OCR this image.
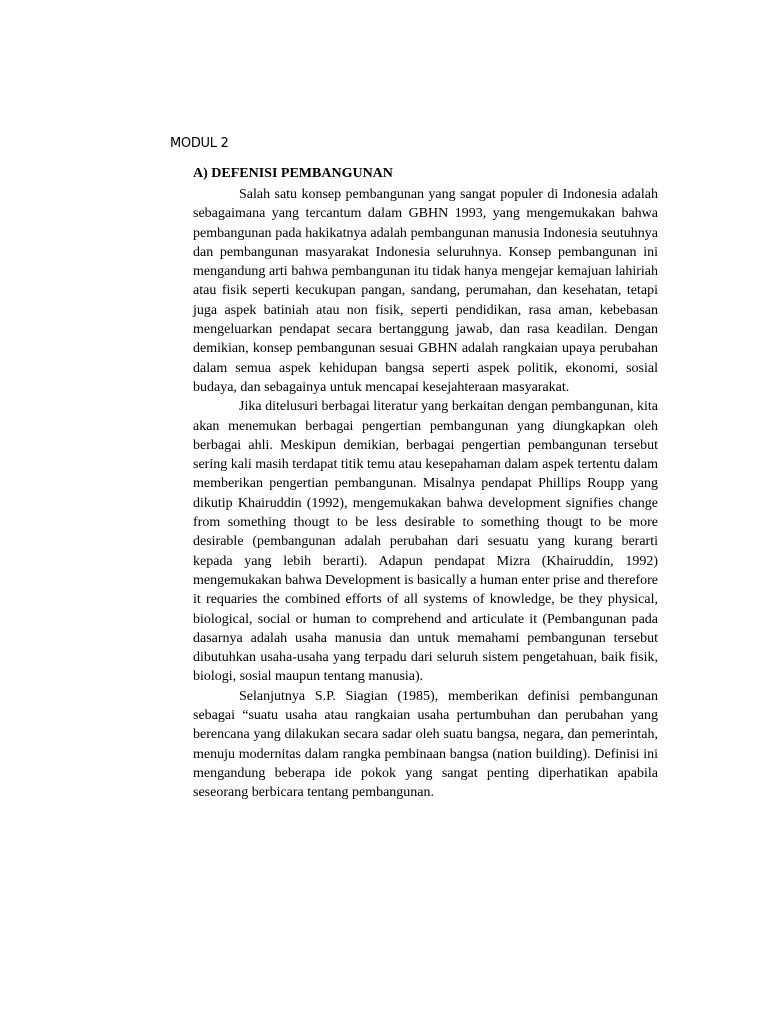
MODUL 2
A) DEFENISI PEMBANGUNAN

Salah satu konsep pembangunan yang sangat populer di Indonesia adalah sebagaimana yang tercantum dalam GBHN 1993, yang mengemukakan bahwa pembangunan pada hakikatnya adalah pembangunan manusia Indonesia seutuhnya dan pembangunan masyarakat Indonesia seluruhnya. Konsep pembangunan ini mengandung arti bahwa pembangunan itu tidak hanya mengejar kemajuan lahiriah atau fisik seperti kecukupan pangan, sandang, perumahan, dan kesehatan, tetapi juga aspek batiniah atau non fisik, seperti pendidikan, rasa aman, kebebasan mengeluarkan pendapat secara bertanggung jawab, dan rasa keadilan. Dengan demikian, konsep pembangunan sesuai GBHN adalah rangkaian upaya perubahan dalam semua aspek kehidupan bangsa seperti aspek politik, ekonomi, sosial budaya, dan sebagainya untuk mencapai kesejahteraan masyarakat.

Jika ditelusuri berbagai literatur yang berkaitan dengan pembangunan, kita akan menemukan berbagai pengertian pembangunan yang diungkapkan oleh berbagai ahli. Meskipun demikian, berbagai pengertian pembangunan tersebut sering kali masih terdapat titik temu atau kesepahaman dalam aspek tertentu dalam memberikan pengertian pembangunan. Misalnya pendapat Phillips Roupp yang dikutip Khairuddin (1992), mengemukakan bahwa development signifies change from something thougt to be less desirable to something thougt to be more desirable (pembangunan adalah perubahan dari sesuatu yang kurang berarti kepada yang lebih berarti). Adapun pendapat Mizra (Khairuddin, 1992) mengemukakan bahwa Development is basically a human enter prise and therefore it requaries the combined efforts of all systems of knowledge, be they physical, biological, social or human to comprehend and articulate it (Pembangunan pada dasarnya adalah usaha manusia dan untuk memahami pembangunan tersebut dibutuhkan usaha-usaha yang terpadu dari seluruh sistem pengetahuan, baik fisik, biologi, sosial maupun tentang manusia).

Selanjutnya S.P. Siagian (1985), memberikan definisi pembangunan sebagai “suatu usaha atau rangkaian usaha pertumbuhan dan perubahan yang berencana yang dilakukan secara sadar oleh suatu bangsa, negara, dan pemerintah, menuju modernitas dalam rangka pembinaan bangsa (nation building). Definisi ini mengandung beberapa ide pokok yang sangat penting diperhatikan apabila seseorang berbicara tentang pembangunan.
